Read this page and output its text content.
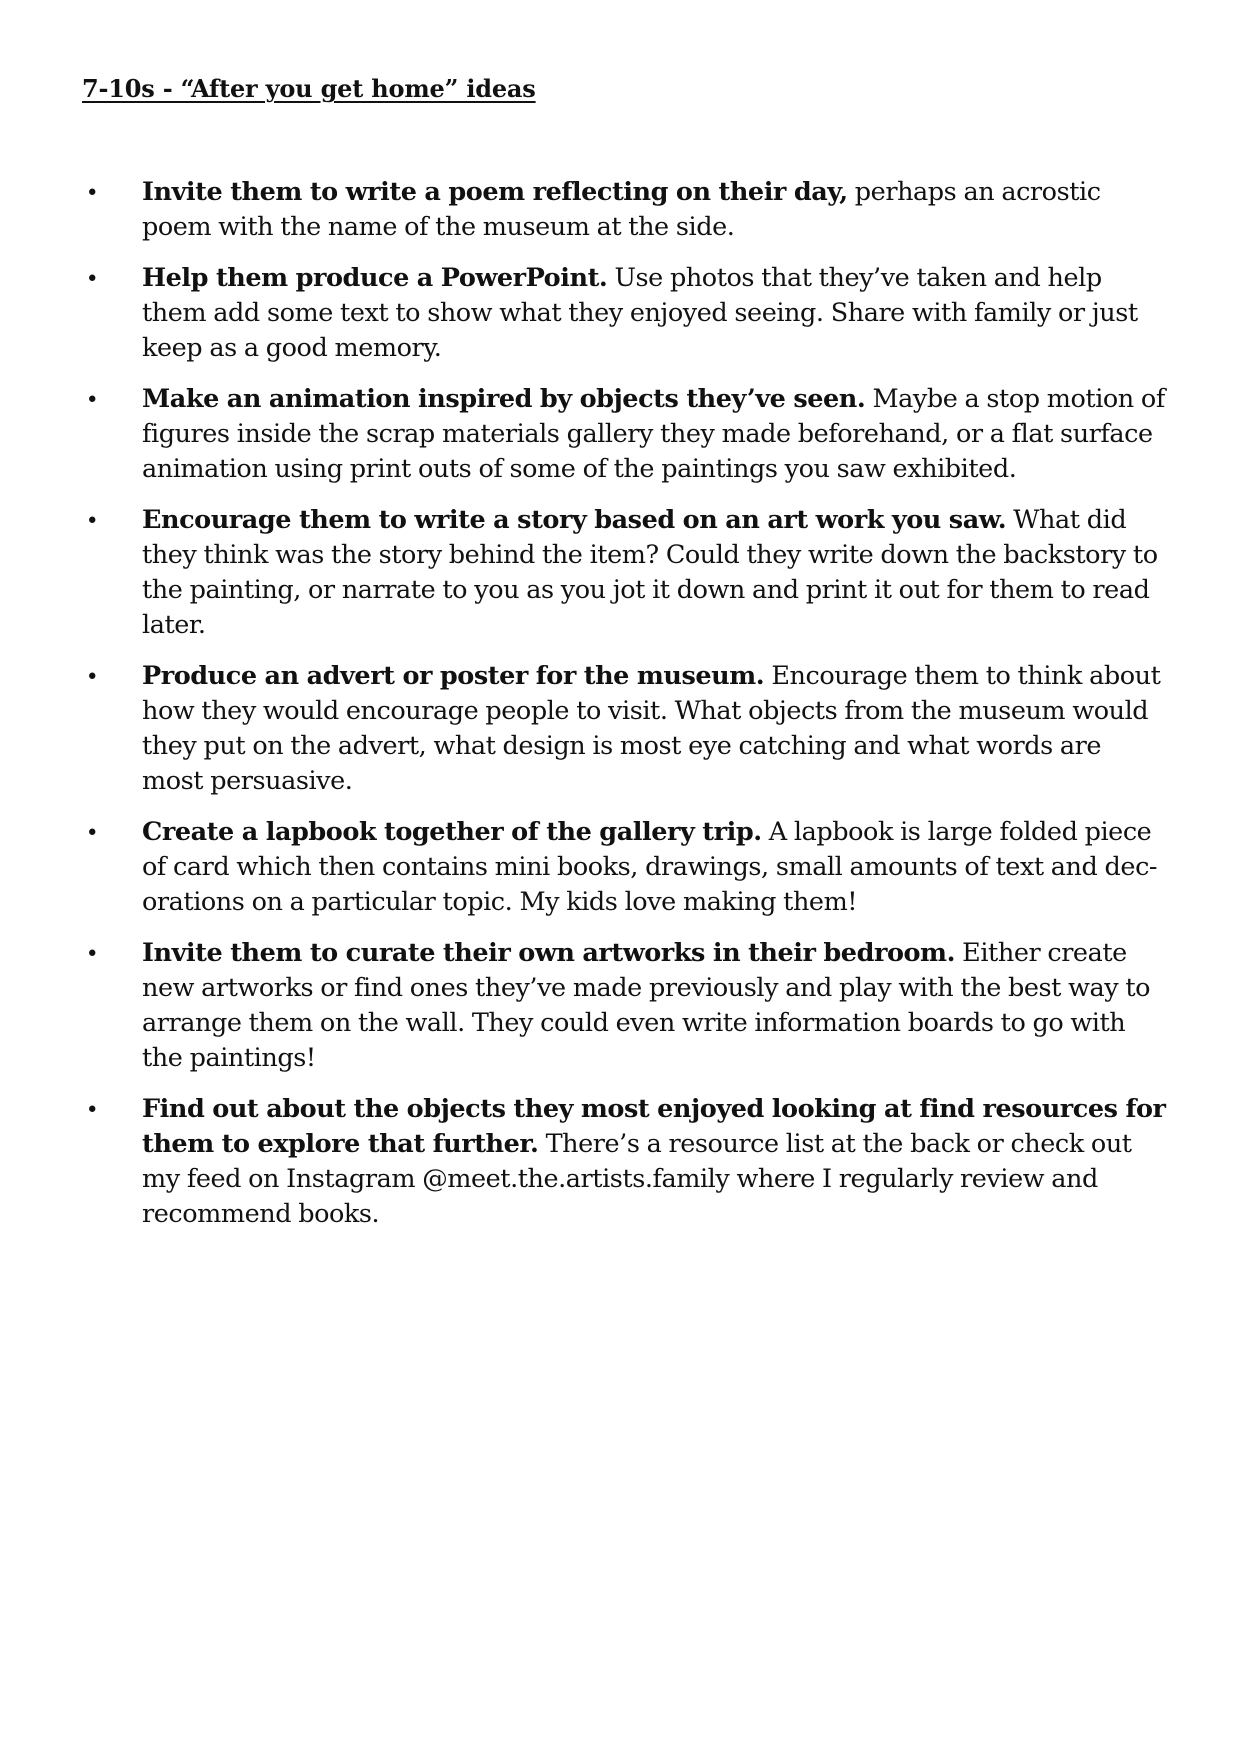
7-10s - “After you get home” ideas
• Invite them to write a poem reflecting on their day, perhaps an acrostic poem with the name of the museum at the side.
• Help them produce a PowerPoint. Use photos that they’ve taken and help them add some text to show what they enjoyed seeing. Share with family or just keep as a good memory.
• Make an animation inspired by objects they’ve seen. Maybe a stop motion of figures inside the scrap materials gallery they made beforehand, or a flat surface animation using print outs of some of the paintings you saw exhibited.
• Encourage them to write a story based on an art work you saw. What did they think was the story behind the item? Could they write down the backstory to the painting, or narrate to you as you jot it down and print it out for them to read later.
• Produce an advert or poster for the museum. Encourage them to think about how they would encourage people to visit. What objects from the museum would they put on the advert, what design is most eye catching and what words are most persuasive.
• Create a lapbook together of the gallery trip. A lapbook is large folded piece of card which then contains mini books, drawings, small amounts of text and decorations on a particular topic. My kids love making them!
• Invite them to curate their own artworks in their bedroom. Either create new artworks or find ones they’ve made previously and play with the best way to arrange them on the wall. They could even write information boards to go with the paintings!
• Find out about the objects they most enjoyed looking at find resources for them to explore that further. There’s a resource list at the back or check out my feed on Instagram @meet.the.artists.family where I regularly review and recommend books.
